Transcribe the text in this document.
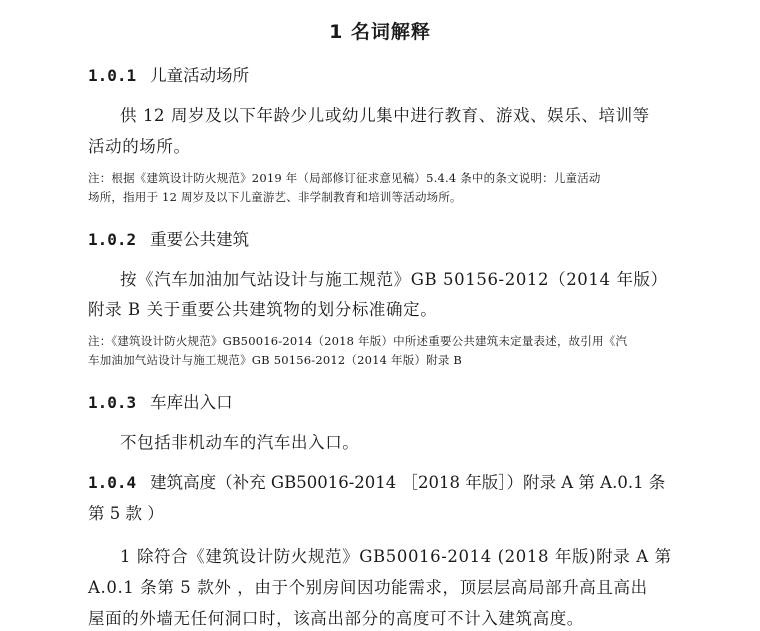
1 名词解释
1.0.1 儿童活动场所
供 12 周岁及以下年龄少儿或幼儿集中进行教育、游戏、娱乐、培训等
活动的场所。
注：根据《建筑设计防火规范》2019 年（局部修订征求意见稿）5.4.4 条中的条文说明：儿童活动
场所，指用于 12 周岁及以下儿童游艺、非学制教育和培训等活动场所。
1.0.2 重要公共建筑
按《汽车加油加气站设计与施工规范》GB 50156-2012（2014 年版）
附录 B 关于重要公共建筑物的划分标准确定。
注：《建筑设计防火规范》GB50016-2014（2018 年版）中所述重要公共建筑未定量表述，故引用《汽
车加油加气站设计与施工规范》GB 50156-2012（2014 年版）附录 B
1.0.3 车库出入口
不包括非机动车的汽车出入口。
1.0.4 建筑高度（补充 GB50016-2014 ［2018 年版］）附录 A 第 A.0.1 条
第 5 款 ）
1 除符合《建筑设计防火规范》GB50016-2014 (2018 年版)附录 A 第
A.0.1 条第 5 款外 ，由于个别房间因功能需求，顶层层高局部升高且高出
屋面的外墙无任何洞口时，该高出部分的高度可不计入建筑高度。
